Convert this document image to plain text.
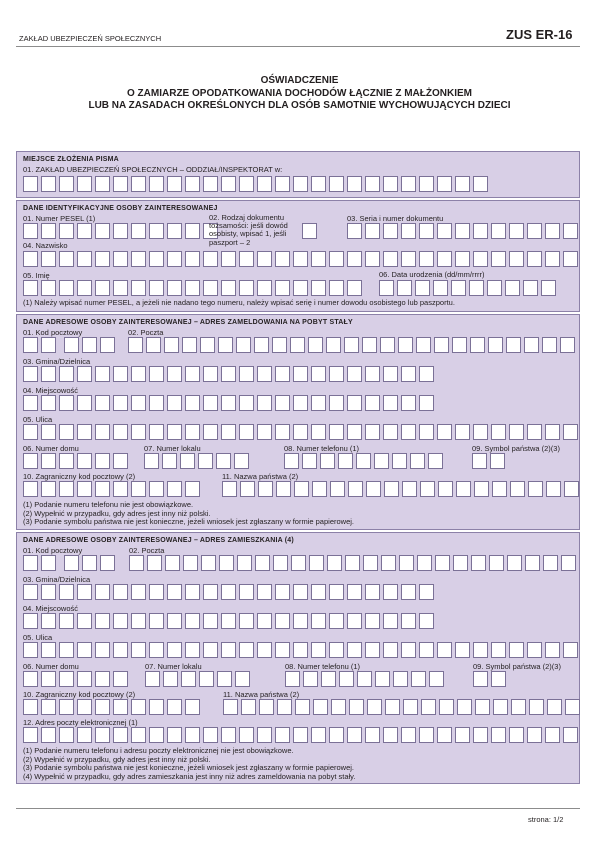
ZAKŁAD UBEZPIECZEŃ SPOŁECZNYCH	ZUS ER-16
OŚWIADCZENIE
O ZAMIARZE OPODATKOWANIA DOCHODÓW ŁĄCZNIE Z MAŁŻONKIEM
LUB NA ZASADACH OKREŚLONYCH DLA OSÓB SAMOTNIE WYCHOWUJĄCYCH DZIECI
MIEJSCE ZŁOŻENIA PISMA
01. ZAKŁAD UBEZPIECZEŃ SPOŁECZNYCH – ODDZIAŁ/INSPEKTORAT w:
DANE IDENTYFIKACYJNE OSOBY ZAINTERESOWANEJ
01. Numer PESEL (1)	02. Rodzaj dokumentu
tożsamości: jeśli dowód
osobisty, wpisać 1, jeśli
paszport – 2
03. Seria i numer dokumentu
04. Nazwisko
05. Imię	06. Data urodzenia (dd/mm/rrrr)
(1) Należy wpisać numer PESEL, a jeżeli nie nadano tego numeru, należy wpisać serię i numer dowodu osobistego lub paszportu.
DANE ADRESOWE OSOBY ZAINTERESOWANEJ – ADRES ZAMELDOWANIA NA POBYT STAŁY
01. Kod pocztowy	02. Poczta
03. Gmina/Dzielnica
04. Miejscowość
05. Ulica
06. Numer domu	07. Numer lokalu	08. Numer telefonu (1)	09. Symbol państwa (2)(3)
10. Zagraniczny kod pocztowy (2)	11. Nazwa państwa (2)
(1) Podanie numeru telefonu nie jest obowiązkowe.
(2) Wypełnić w przypadku, gdy adres jest inny niż polski.
(3) Podanie symbolu państwa nie jest konieczne, jeżeli wniosek jest zgłaszany w formie papierowej.
DANE ADRESOWE OSOBY ZAINTERESOWANEJ – ADRES ZAMIESZKANIA (4)
01. Kod pocztowy	02. Poczta
03. Gmina/Dzielnica
04. Miejscowość
05. Ulica
06. Numer domu	07. Numer lokalu	08. Numer telefonu (1)	09. Symbol państwa (2)(3)
10. Zagraniczny kod pocztowy (2)	11. Nazwa państwa (2)
12. Adres poczty elektronicznej (1)
(1) Podanie numeru telefonu i adresu poczty elektronicznej nie jest obowiązkowe.
(2) Wypełnić w przypadku, gdy adres jest inny niż polski.
(3) Podanie symbolu państwa nie jest konieczne, jeżeli wniosek jest zgłaszany w formie papierowej.
(4) Wypełnić w przypadku, gdy adres zamieszkania jest inny niż adres zameldowania na pobyt stały.
strona: 1/2
